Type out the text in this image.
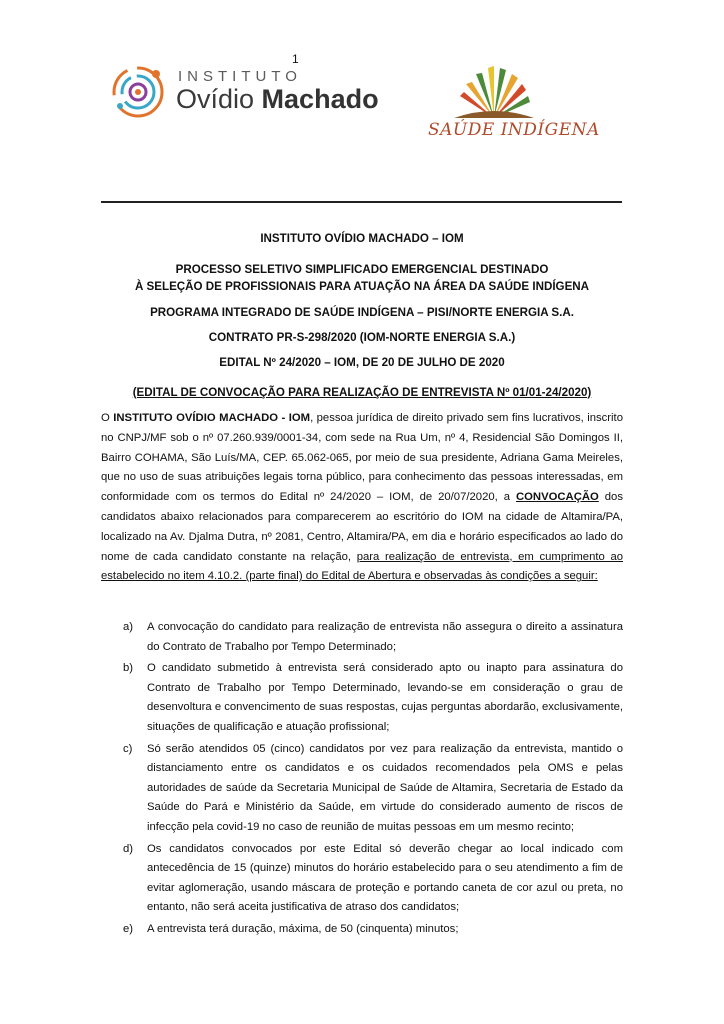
1
INSTITUTO
Ovídio Machado
SAÚDE INDÍGENA
INSTITUTO OVÍDIO MACHADO – IOM
PROCESSO SELETIVO SIMPLIFICADO EMERGENCIAL DESTINADO
À SELEÇÃO DE PROFISSIONAIS PARA ATUAÇÃO NA ÁREA DA SAÚDE INDÍGENA
PROGRAMA INTEGRADO DE SAÚDE INDÍGENA – PISI/NORTE ENERGIA S.A.
CONTRATO PR-S-298/2020 (IOM-NORTE ENERGIA S.A.)
EDITAL Nº 24/2020 – IOM, DE 20 DE JULHO DE 2020
(EDITAL DE CONVOCAÇÃO PARA REALIZAÇÃO DE ENTREVISTA Nº 01/01-24/2020)
O INSTITUTO OVÍDIO MACHADO - IOM, pessoa jurídica de direito privado sem fins lucrativos, inscrito no CNPJ/MF sob o nº 07.260.939/0001-34, com sede na Rua Um, nº 4, Residencial São Domingos II, Bairro COHAMA, São Luís/MA, CEP. 65.062-065, por meio de sua presidente, Adriana Gama Meireles, que no uso de suas atribuições legais torna público, para conhecimento das pessoas interessadas, em conformidade com os termos do Edital nº 24/2020 – IOM, de 20/07/2020, a CONVOCAÇÃO dos candidatos abaixo relacionados para comparecerem ao escritório do IOM na cidade de Altamira/PA, localizado na Av. Djalma Dutra, nº 2081, Centro, Altamira/PA, em dia e horário especificados ao lado do nome de cada candidato constante na relação, para realização de entrevista, em cumprimento ao estabelecido no item 4.10.2. (parte final) do Edital de Abertura e observadas às condições a seguir:
a) A convocação do candidato para realização de entrevista não assegura o direito a assinatura do Contrato de Trabalho por Tempo Determinado;
b) O candidato submetido à entrevista será considerado apto ou inapto para assinatura do Contrato de Trabalho por Tempo Determinado, levando-se em consideração o grau de desenvoltura e convencimento de suas respostas, cujas perguntas abordarão, exclusivamente, situações de qualificação e atuação profissional;
c) Só serão atendidos 05 (cinco) candidatos por vez para realização da entrevista, mantido o distanciamento entre os candidatos e os cuidados recomendados pela OMS e pelas autoridades de saúde da Secretaria Municipal de Saúde de Altamira, Secretaria de Estado da Saúde do Pará e Ministério da Saúde, em virtude do considerado aumento de riscos de infecção pela covid-19 no caso de reunião de muitas pessoas em um mesmo recinto;
d) Os candidatos convocados por este Edital só deverão chegar ao local indicado com antecedência de 15 (quinze) minutos do horário estabelecido para o seu atendimento a fim de evitar aglomeração, usando máscara de proteção e portando caneta de cor azul ou preta, no entanto, não será aceita justificativa de atraso dos candidatos;
e) A entrevista terá duração, máxima, de 50 (cinquenta) minutos;
